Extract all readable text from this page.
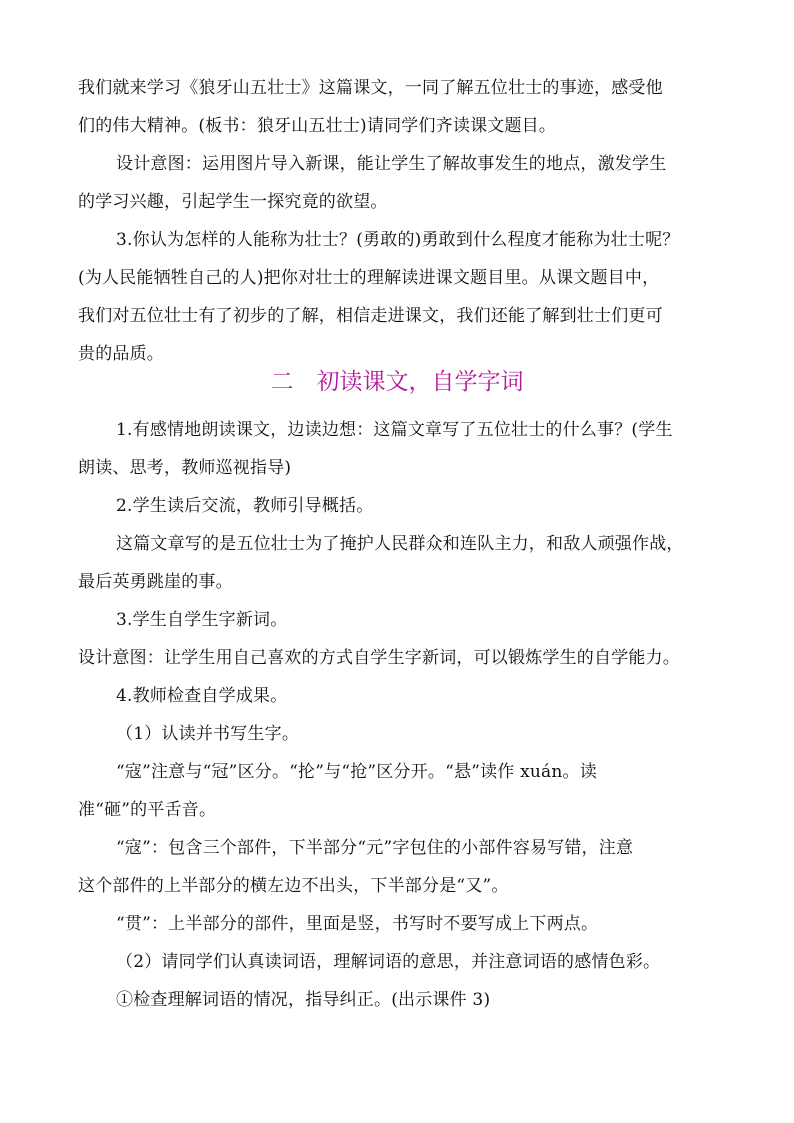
我们就来学习《狼牙山五壮士》这篇课文，一同了解五位壮士的事迹，感受他
们的伟大精神。(板书：狼牙山五壮士)请同学们齐读课文题目。
设计意图：运用图片导入新课，能让学生了解故事发生的地点，激发学生
的学习兴趣，引起学生一探究竟的欲望。
3.你认为怎样的人能称为壮士？(勇敢的)勇敢到什么程度才能称为壮士呢？
(为人民能牺牲自己的人)把你对壮士的理解读进课文题目里。从课文题目中，
我们对五位壮士有了初步的了解，相信走进课文，我们还能了解到壮士们更可
贵的品质。
二　初读课文，自学字词
1.有感情地朗读课文，边读边想：这篇文章写了五位壮士的什么事？(学生
朗读、思考，教师巡视指导)
2.学生读后交流，教师引导概括。
这篇文章写的是五位壮士为了掩护人民群众和连队主力，和敌人顽强作战，
最后英勇跳崖的事。
3.学生自学生字新词。
设计意图：让学生用自己喜欢的方式自学生字新词，可以锻炼学生的自学能力。
4.教师检查自学成果。
（1）认读并书写生字。
“寇”注意与“冠”区分。“抡”与“抢”区分开。“悬”读作 xuán。读
准“砸”的平舌音。
“寇”：包含三个部件，下半部分“元”字包住的小部件容易写错，注意
这个部件的上半部分的横左边不出头，下半部分是“又”。
“贯”：上半部分的部件，里面是竖，书写时不要写成上下两点。
（2）请同学们认真读词语，理解词语的意思，并注意词语的感情色彩。
①检查理解词语的情况，指导纠正。(出示课件 3)
